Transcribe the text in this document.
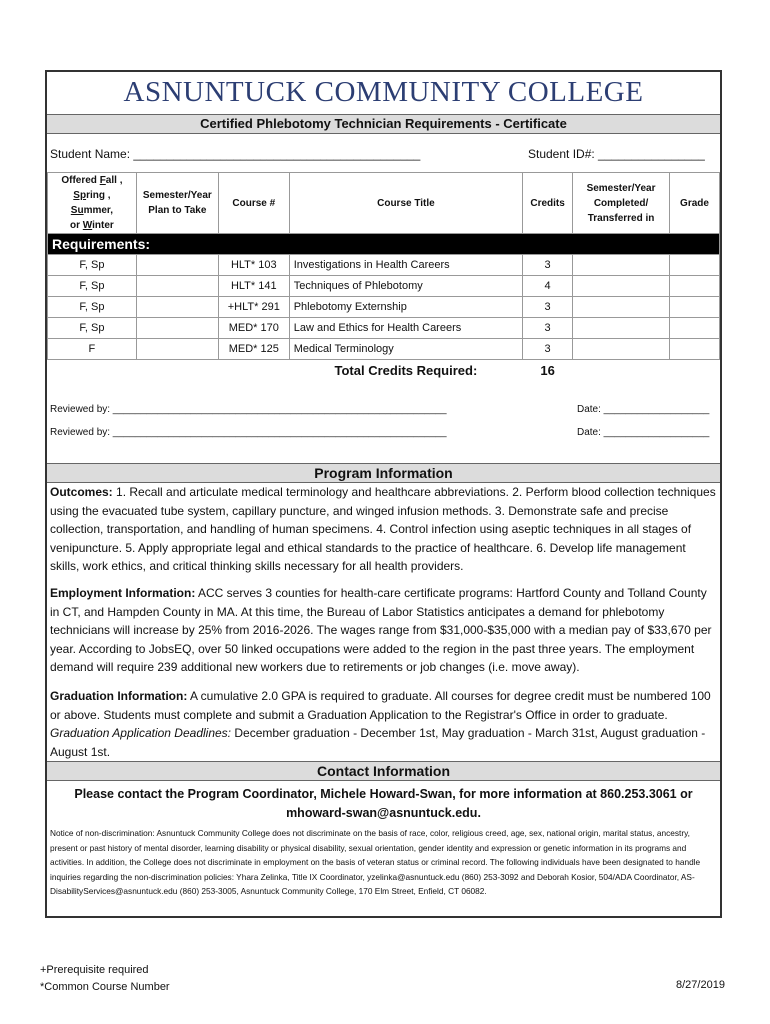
ASNUNTUCK COMMUNITY COLLEGE
Certified Phlebotomy Technician Requirements - Certificate
Student Name: ___________________________________________	Student ID#: ________________
Offered Fall ,
Spring , Summer,
or Winter	Semester/Year Plan to Take	Course #	Course Title	Credits	Semester/Year Completed/ Transferred in	Grade
Requirements:						
F, Sp		HLT* 103	Investigations in Health Careers	3		
F, Sp		HLT* 141	Techniques of Phlebotomy	4		
F, Sp		+HLT* 291	Phlebotomy Externship	3		
F, Sp		MED* 170	Law and Ethics for Health Careers	3		
F		MED* 125	Medical Terminology	3		
			Total Credits Required:	16		
Reviewed by: ____________________________________________________________	Date: ___________________
Reviewed by: ____________________________________________________________	Date: ___________________
Program Information
Outcomes: 1. Recall and articulate medical terminology and healthcare abbreviations. 2. Perform blood collection techniques using the evacuated tube system, capillary puncture, and winged infusion methods. 3. Demonstrate safe and precise collection, transportation, and handling of human specimens. 4. Control infection using aseptic techniques in all stages of venipuncture. 5. Apply appropriate legal and ethical standards to the practice of healthcare. 6. Develop life management skills, work ethics, and critical thinking skills necessary for all health providers.
Employment Information: ACC serves 3 counties for health-care certificate programs: Hartford County and Tolland County in CT, and Hampden County in MA. At this time, the Bureau of Labor Statistics anticipates a demand for phlebotomy technicians will increase by 25% from 2016-2026. The wages range from $31,000-$35,000 with a median pay of $33,670 per year. According to JobsEQ, over 50 linked occupations were added to the region in the past three years. The employment demand will require 239 additional new workers due to retirements or job changes (i.e. move away).
Graduation Information: A cumulative 2.0 GPA is required to graduate. All courses for degree credit must be numbered 100 or above. Students must complete and submit a Graduation Application to the Registrar's Office in order to graduate.
Graduation Application Deadlines: December graduation - December 1st, May graduation - March 31st, August graduation - August 1st.
Contact Information
Please contact the Program Coordinator, Michele Howard-Swan, for more information at 860.253.3061 or
mhoward-swan@asnuntuck.edu.
Notice of non-discrimination: Asnuntuck Community College does not discriminate on the basis of race, color, religious creed, age, sex, national origin, marital status, ancestry, present or past history of mental disorder, learning disability or physical disability, sexual orientation, gender identity and expression or genetic information in its programs and activities. In addition, the College does not discriminate in employment on the basis of veteran status or criminal record. The following individuals have been designated to handle inquiries regarding the non-discrimination policies: Yhara Zelinka, Title IX Coordinator, yzelinka@asnuntuck.edu (860) 253-3092 and Deborah Kosior, 504/ADA Coordinator, AS-DisabilityServices@asnuntuck.edu (860) 253-3005, Asnuntuck Community College, 170 Elm Street, Enfield, CT 06082.
+Prerequisite required
*Common Course Number	8/27/2019
